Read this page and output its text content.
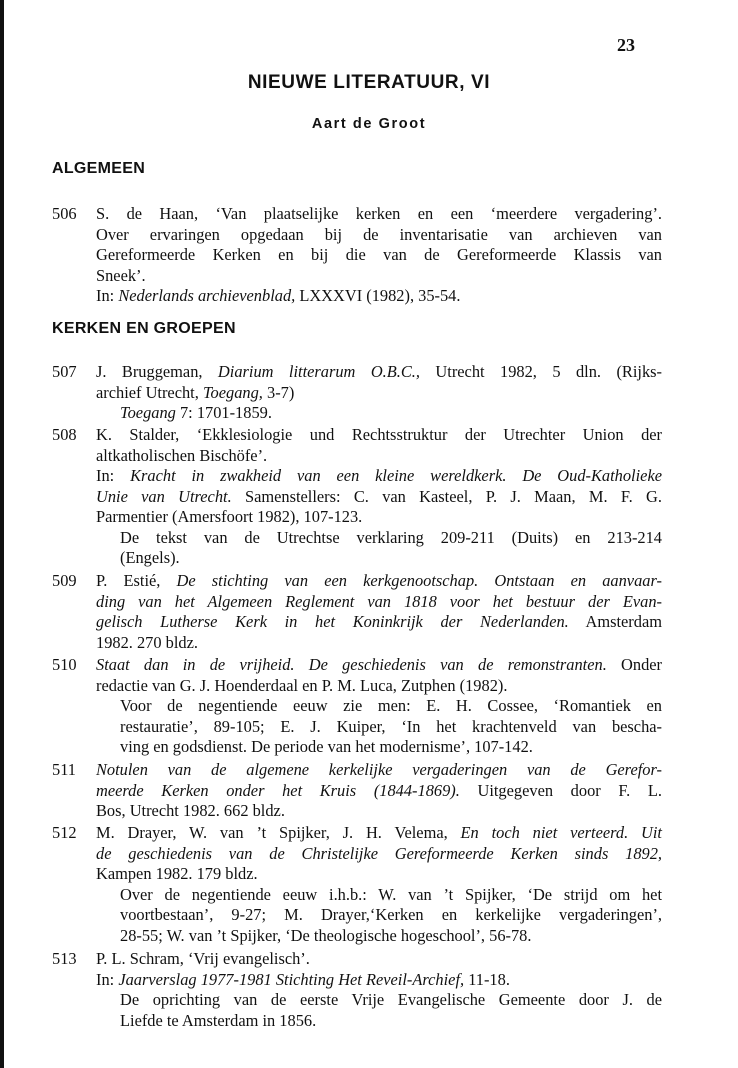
23
NIEUWE LITERATUUR, VI
Aart de Groot
ALGEMEEN
506 S. de Haan, ‘Van plaatselijke kerken en een ‘meerdere vergadering’.
Over ervaringen opgedaan bij de inventarisatie van archieven van
Gereformeerde Kerken en bij die van de Gereformeerde Klassis van
Sneek’.
In: Nederlands archievenblad, LXXXVI (1982), 35-54.
KERKEN EN GROEPEN
507 J. Bruggeman, Diarium litterarum O.B.C., Utrecht 1982, 5 dln. (Rijks-
archief Utrecht, Toegang, 3-7)
Toegang 7: 1701-1859.
508 K. Stalder, ‘Ekklesiologie und Rechtsstruktur der Utrechter Union der
altkatholischen Bischöfe’.
In: Kracht in zwakheid van een kleine wereldkerk. De Oud-Katholieke
Unie van Utrecht. Samenstellers: C. van Kasteel, P. J. Maan, M. F. G.
Parmentier (Amersfoort 1982), 107-123.
De tekst van de Utrechtse verklaring 209-211 (Duits) en 213-214
(Engels).
509 P. Estié, De stichting van een kerkgenootschap. Ontstaan en aanvaar-
ding van het Algemeen Reglement van 1818 voor het bestuur der Evan-
gelisch Lutherse Kerk in het Koninkrijk der Nederlanden. Amsterdam
1982. 270 bldz.
510 Staat dan in de vrijheid. De geschiedenis van de remonstranten. Onder
redactie van G. J. Hoenderdaal en P. M. Luca, Zutphen (1982).
Voor de negentiende eeuw zie men: E. H. Cossee, ‘Romantiek en
restauratie’, 89-105; E. J. Kuiper, ‘In het krachtenveld van bescha-
ving en godsdienst. De periode van het modernisme’, 107-142.
511 Notulen van de algemene kerkelijke vergaderingen van de Gerefor-
meerde Kerken onder het Kruis (1844-1869). Uitgegeven door F. L.
Bos, Utrecht 1982. 662 bldz.
512 M. Drayer, W. van ’t Spijker, J. H. Velema, En toch niet verteerd. Uit
de geschiedenis van de Christelijke Gereformeerde Kerken sinds 1892,
Kampen 1982. 179 bldz.
Over de negentiende eeuw i.h.b.: W. van ’t Spijker, ‘De strijd om het
voortbestaan’, 9-27; M. Drayer,‘Kerken en kerkelijke vergaderingen’,
28-55; W. van ’t Spijker, ‘De theologische hogeschool’, 56-78.
513 P. L. Schram, ‘Vrij evangelisch’.
In: Jaarverslag 1977-1981 Stichting Het Reveil-Archief, 11-18.
De oprichting van de eerste Vrije Evangelische Gemeente door J. de
Liefde te Amsterdam in 1856.
